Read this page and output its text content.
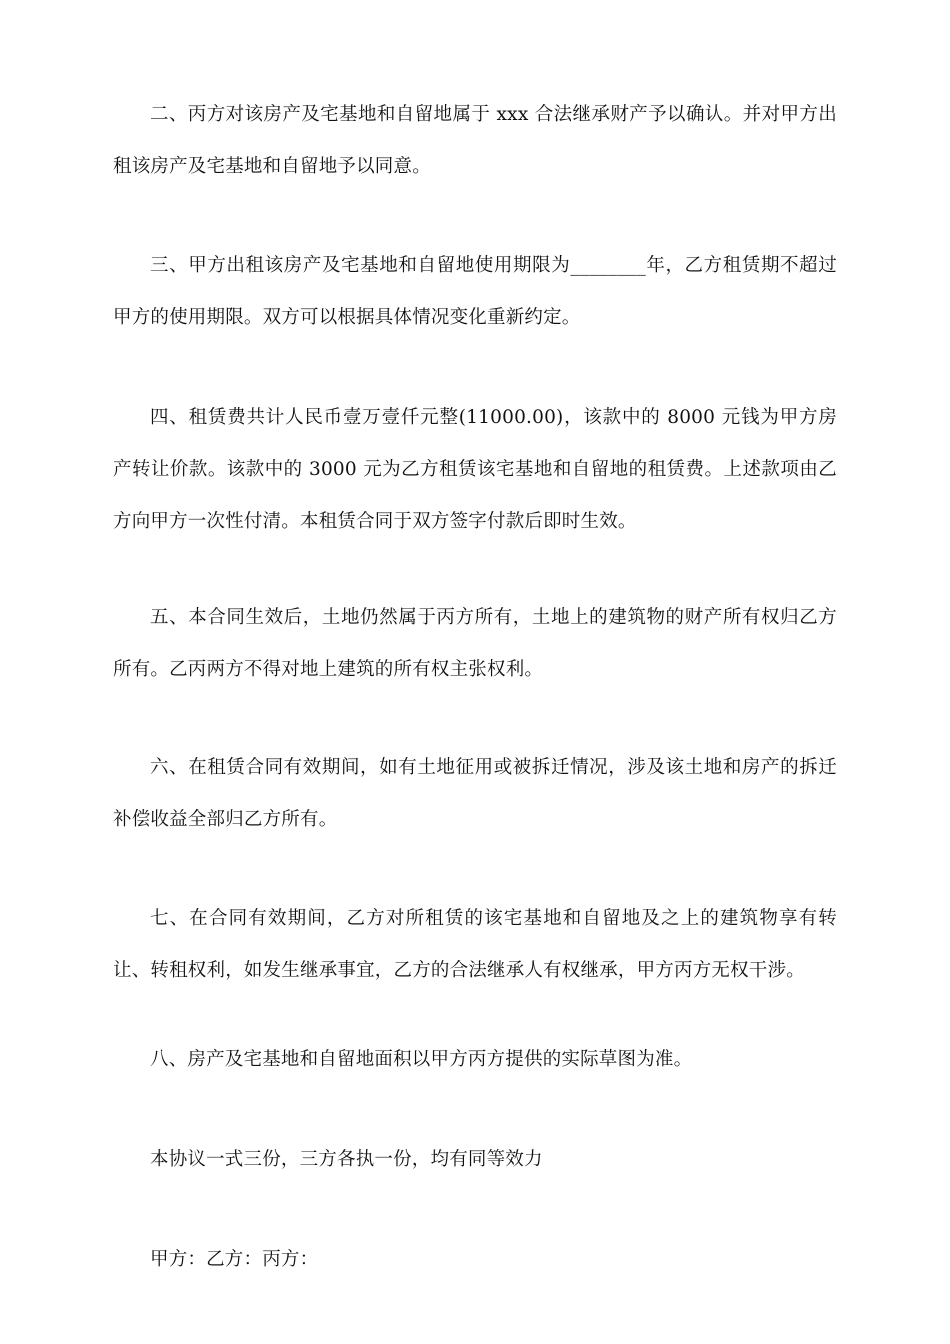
二、丙方对该房产及宅基地和自留地属于 xxx 合法继承财产予以确认。并对甲方出租该房产及宅基地和自留地予以同意。

三、甲方出租该房产及宅基地和自留地使用期限为________年，乙方租赁期不超过甲方的使用期限。双方可以根据具体情况变化重新约定。

四、租赁费共计人民币壹万壹仟元整(11000.00)，该款中的 8000 元钱为甲方房产转让价款。该款中的 3000 元为乙方租赁该宅基地和自留地的租赁费。上述款项由乙方向甲方一次性付清。本租赁合同于双方签字付款后即时生效。

五、本合同生效后，土地仍然属于丙方所有，土地上的建筑物的财产所有权归乙方所有。乙丙两方不得对地上建筑的所有权主张权利。

六、在租赁合同有效期间，如有土地征用或被拆迁情况，涉及该土地和房产的拆迁补偿收益全部归乙方所有。

七、在合同有效期间，乙方对所租赁的该宅基地和自留地及之上的建筑物享有转让、转租权利，如发生继承事宜，乙方的合法继承人有权继承，甲方丙方无权干涉。

八、房产及宅基地和自留地面积以甲方丙方提供的实际草图为准。

本协议一式三份，三方各执一份，均有同等效力

甲方：乙方：丙方：
